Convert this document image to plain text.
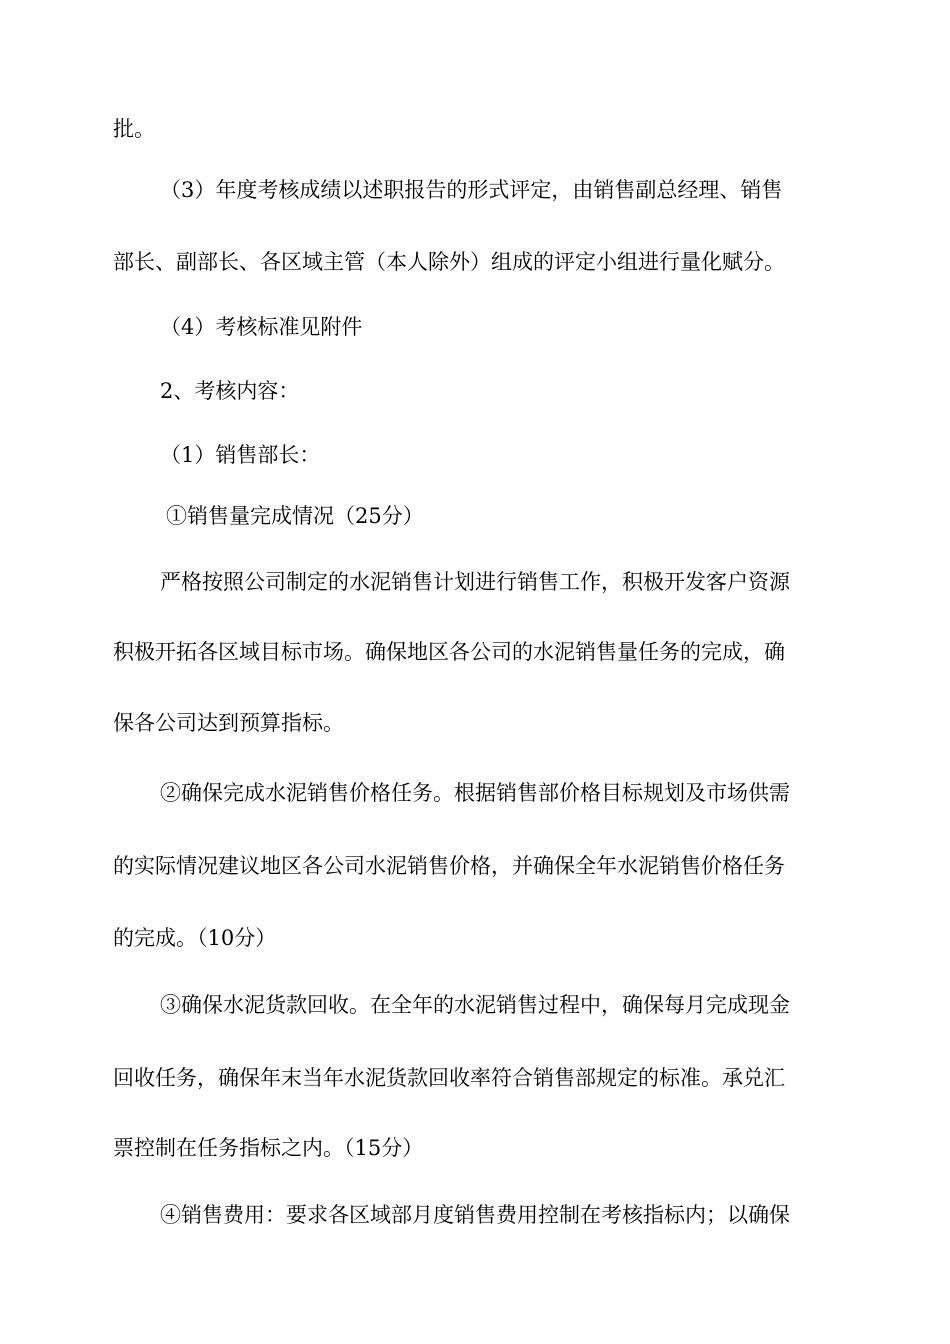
批。

（3）年度考核成绩以述职报告的形式评定，由销售副总经理、销售

部长、副部长、各区域主管（本人除外）组成的评定小组进行量化赋分。

（4）考核标准见附件

2、考核内容：

（1）销售部长：

①销售量完成情况（25分）

严格按照公司制定的水泥销售计划进行销售工作，积极开发客户资源

积极开拓各区域目标市场。确保地区各公司的水泥销售量任务的完成，确

保各公司达到预算指标。

②确保完成水泥销售价格任务。根据销售部价格目标规划及市场供需

的实际情况建议地区各公司水泥销售价格，并确保全年水泥销售价格任务

的完成。（10分）

③确保水泥货款回收。在全年的水泥销售过程中，确保每月完成现金

回收任务，确保年末当年水泥货款回收率符合销售部规定的标准。承兑汇

票控制在任务指标之内。（15分）

④销售费用：要求各区域部月度销售费用控制在考核指标内；以确保
